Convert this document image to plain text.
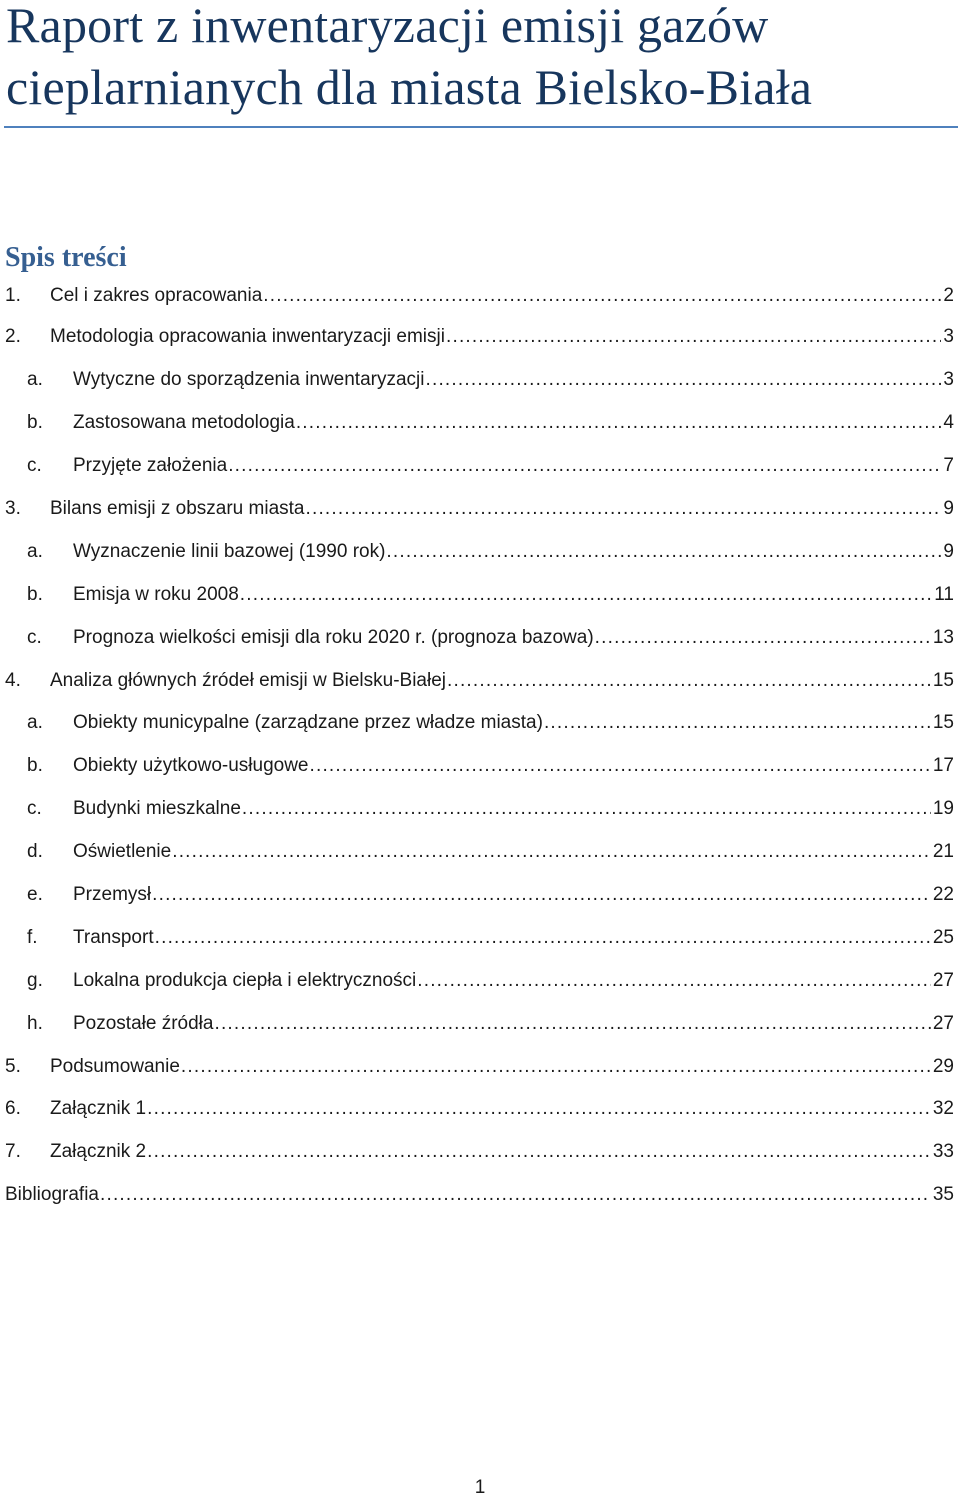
Raport z inwentaryzacji emisji gazów cieplarnianych dla miasta Bielsko-Biała
Spis treści
1. Cel i zakres opracowania .....	2
2. Metodologia opracowania inwentaryzacji emisji .....	3
a. Wytyczne do sporządzenia inwentaryzacji .....	3
b. Zastosowana metodologia .....	4
c. Przyjęte założenia .....	7
3. Bilans emisji z obszaru miasta .....	9
a. Wyznaczenie linii bazowej (1990 rok) .....	9
b. Emisja w roku 2008 .....	11
c. Prognoza wielkości emisji dla roku 2020 r. (prognoza bazowa) .....	13
4. Analiza głównych źródeł emisji w Bielsku-Białej .....	15
a. Obiekty municypalne (zarządzane przez władze miasta) .....	15
b. Obiekty użytkowo-usługowe .....	17
c. Budynki mieszkalne .....	19
d. Oświetlenie .....	21
e. Przemysł .....	22
f. Transport .....	25
g. Lokalna produkcja ciepła i elektryczności .....	27
h. Pozostałe źródła .....	27
5. Podsumowanie .....	29
6. Załącznik 1 .....	32
7. Załącznik 2 .....	33
Bibliografia .....	35
1
